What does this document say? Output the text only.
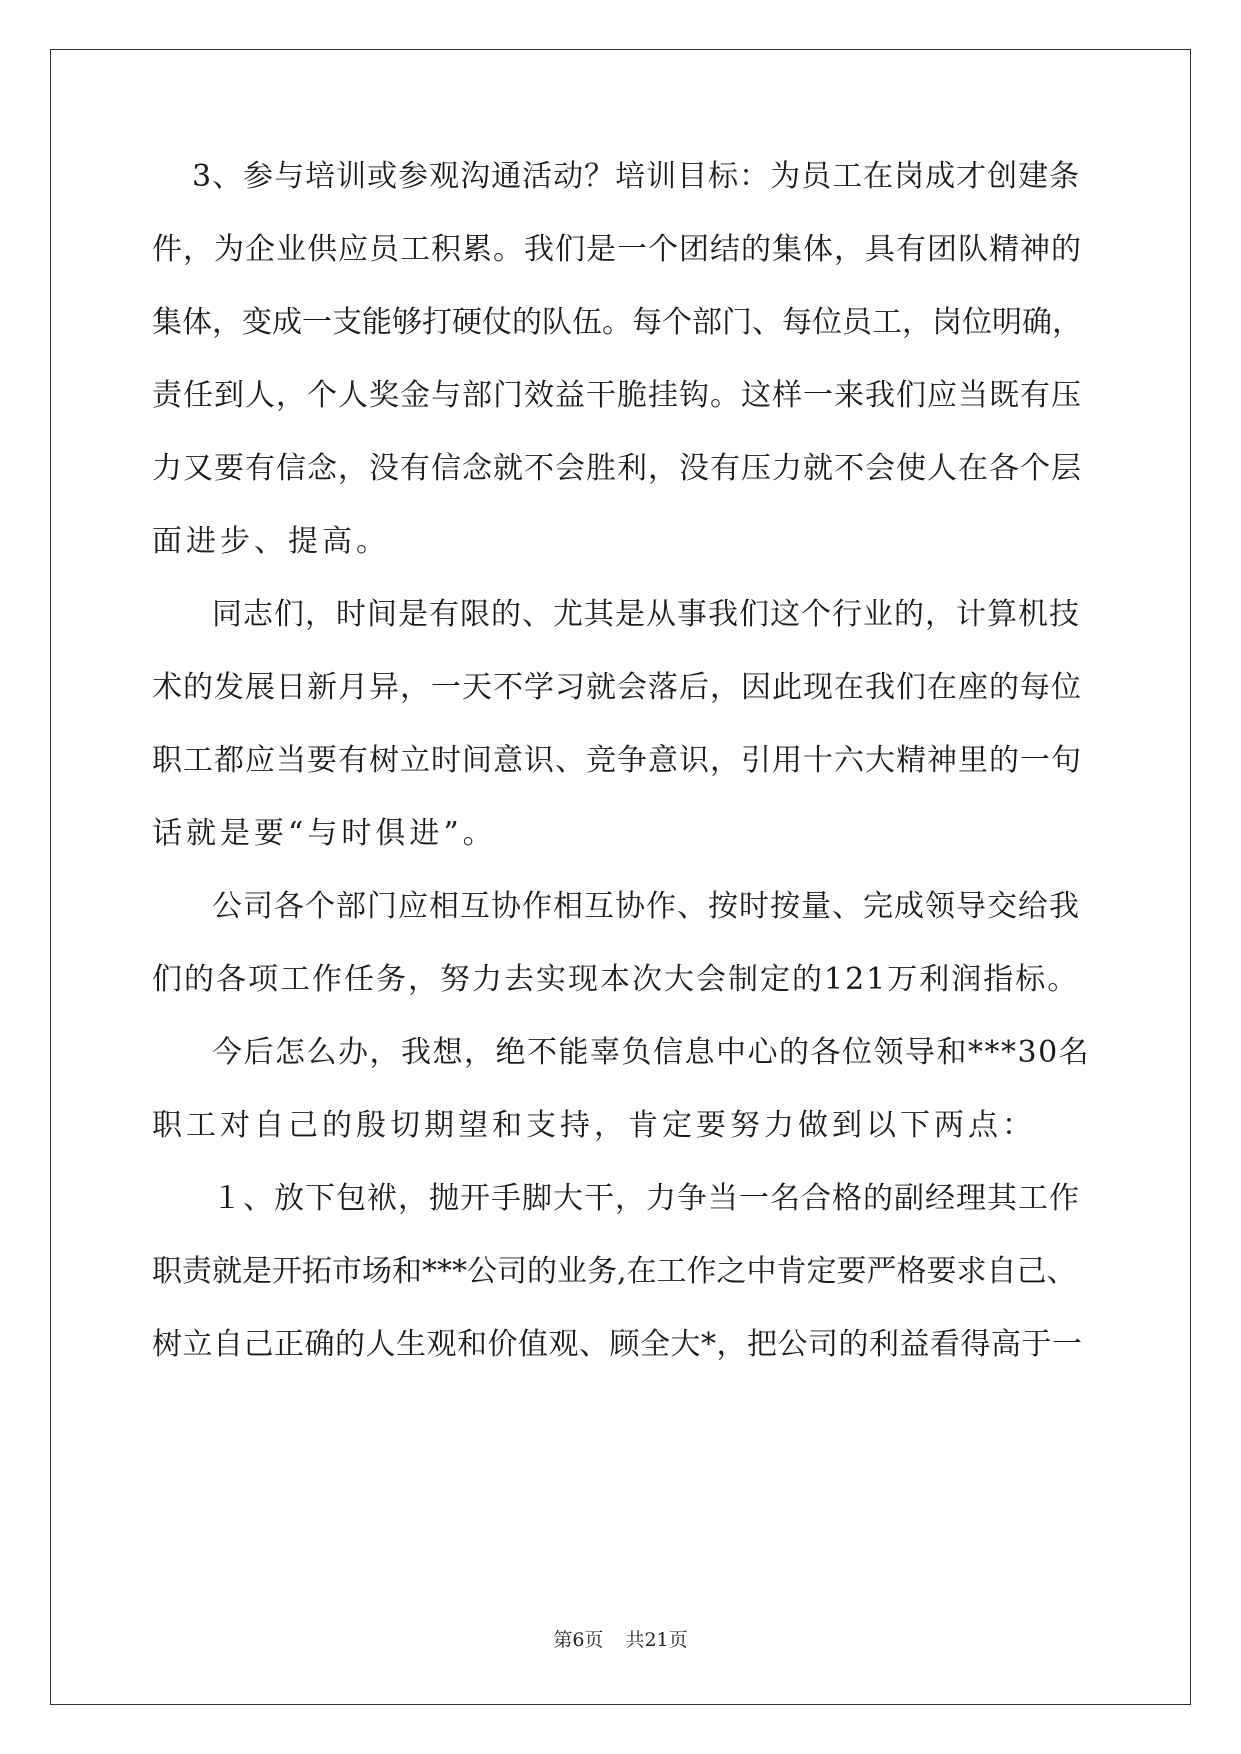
3、参与培训或参观沟通活动？培训目标：为员工在岗成才创建条
件，为企业供应员工积累。我们是一个团结的集体，具有团队精神的
集体，变成一支能够打硬仗的队伍。每个部门、每位员工，岗位明确，
责任到人，个人奖金与部门效益干脆挂钩。这样一来我们应当既有压
力又要有信念，没有信念就不会胜利，没有压力就不会使人在各个层
面进步、提高。
同志们，时间是有限的、尤其是从事我们这个行业的，计算机技
术的发展日新月异，一天不学习就会落后，因此现在我们在座的每位
职工都应当要有树立时间意识、竞争意识，引用十六大精神里的一句
话就是要“与时俱进”。
公司各个部门应相互协作相互协作、按时按量、完成领导交给我
们的各项工作任务，努力去实现本次大会制定的121万利润指标。
今后怎么办，我想，绝不能辜负信息中心的各位领导和***30名
职工对自己的殷切期望和支持，肯定要努力做到以下两点：
１、放下包袱，抛开手脚大干，力争当一名合格的副经理其工作
职责就是开拓市场和***公司的业务,在工作之中肯定要严格要求自己、
树立自己正确的人生观和价值观、顾全大*，把公司的利益看得高于一
第6页 共21页
